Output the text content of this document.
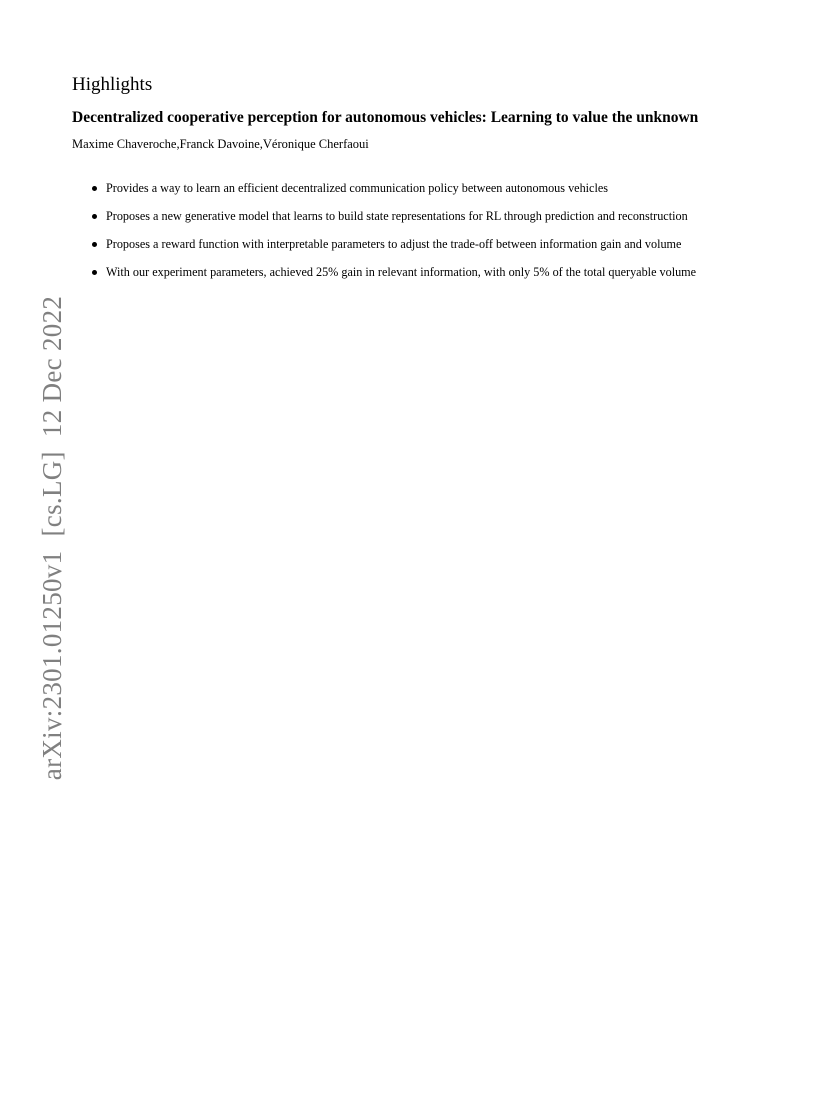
Highlights
Decentralized cooperative perception for autonomous vehicles: Learning to value the unknown
Maxime Chaveroche,Franck Davoine,Véronique Cherfaoui
Provides a way to learn an efficient decentralized communication policy between autonomous vehicles
Proposes a new generative model that learns to build state representations for RL through prediction and reconstruction
Proposes a reward function with interpretable parameters to adjust the trade-off between information gain and volume
With our experiment parameters, achieved 25% gain in relevant information, with only 5% of the total queryable volume
arXiv:2301.01250v1  [cs.LG]  12 Dec 2022
